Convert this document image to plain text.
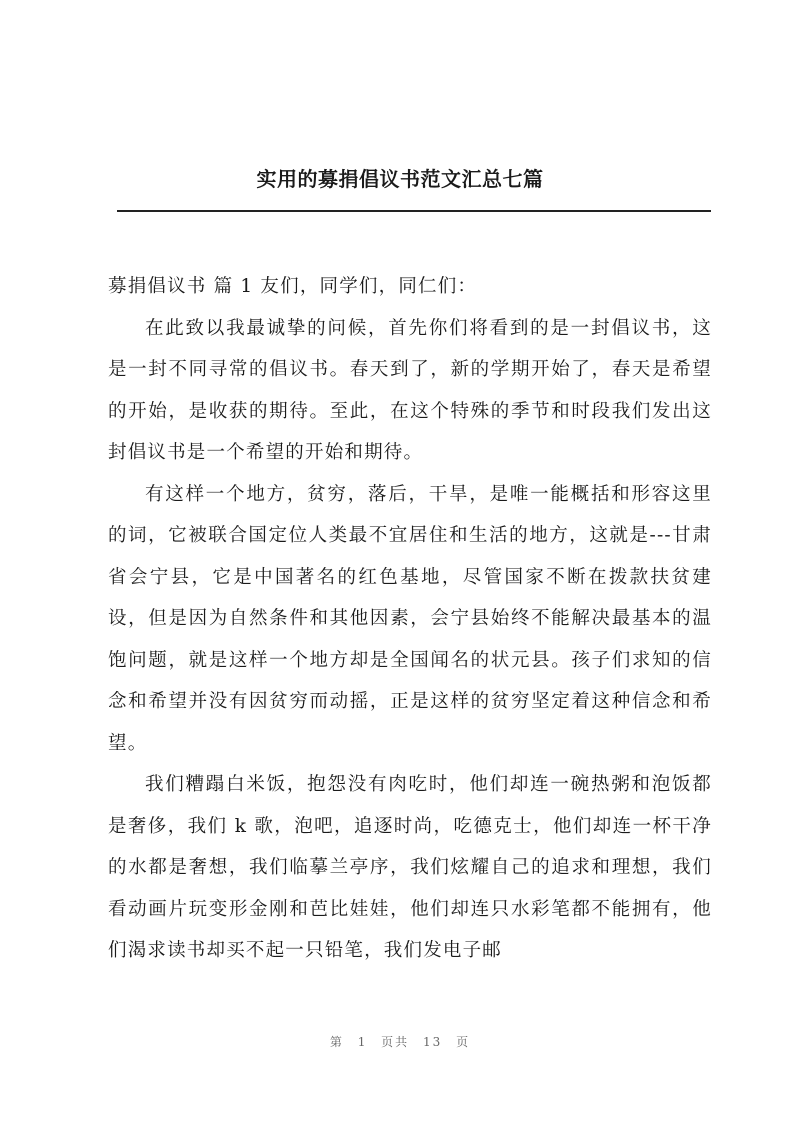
实用的募捐倡议书范文汇总七篇

募捐倡议书 篇 1 友们，同学们，同仁们：

在此致以我最诚挚的问候，首先你们将看到的是一封倡议书，这是一封不同寻常的倡议书。春天到了，新的学期开始了，春天是希望的开始，是收获的期待。至此，在这个特殊的季节和时段我们发出这封倡议书是一个希望的开始和期待。

有这样一个地方，贫穷，落后，干旱，是唯一能概括和形容这里的词，它被联合国定位人类最不宜居住和生活的地方，这就是---甘肃省会宁县，它是中国著名的红色基地，尽管国家不断在拨款扶贫建设，但是因为自然条件和其他因素，会宁县始终不能解决最基本的温饱问题，就是这样一个地方却是全国闻名的状元县。孩子们求知的信念和希望并没有因贫穷而动摇，正是这样的贫穷坚定着这种信念和希望。

我们糟蹋白米饭，抱怨没有肉吃时，他们却连一碗热粥和泡饭都是奢侈，我们 k 歌，泡吧，追逐时尚，吃德克士，他们却连一杯干净的水都是奢想，我们临摹兰亭序，我们炫耀自己的追求和理想，我们看动画片玩变形金刚和芭比娃娃，他们却连只水彩笔都不能拥有，他们渴求读书却买不起一只铅笔，我们发电子邮

第 1 页共 13 页
